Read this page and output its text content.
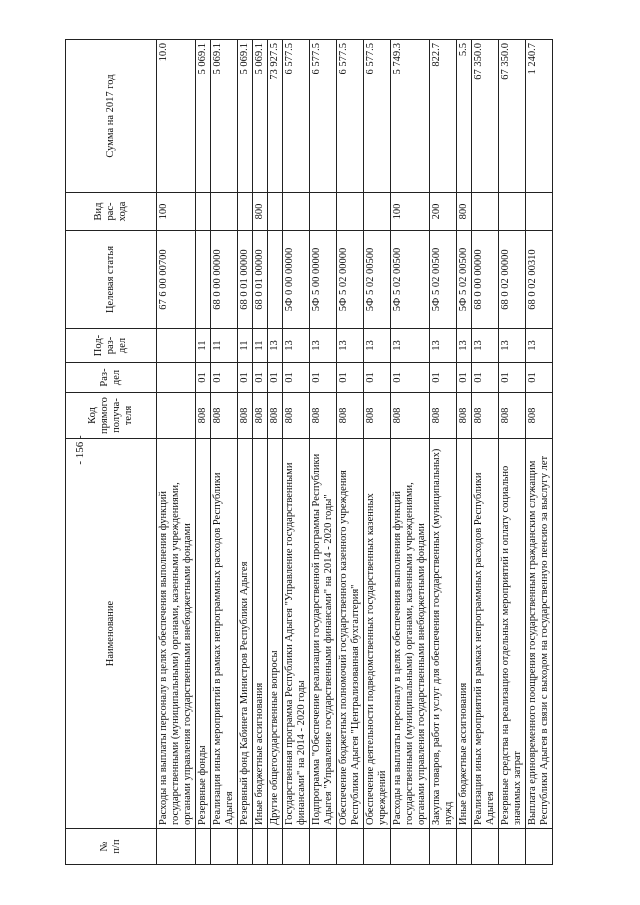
- 156 -
№
п/п	Наименование	Код прямого получа-теля	Раз-дел	Под-раз-дел	Целевая статья	Вид рас-хода	Сумма на 2017 год
	Расходы на выплаты персоналу в целях обеспечения выполнения функций государственными (муниципальными) органами, казенными учреждениями, органами управления государственными внебюджетными фондами				67 6 00 00700	100	10.0
	Резервные фонды	808	01	11			5 069.1
	Реализация иных мероприятий в рамках непрограммных расходов Республики Адыгея	808	01	11	68 0 00 00000		5 069.1
	Резервный фонд Кабинета Министров Республики Адыгея	808	01	11	68 0 01 00000		5 069.1
	Иные бюджетные ассигнования	808	01	11	68 0 01 00000	800	5 069.1
	Другие общегосударственные вопросы	808	01	13			73 927.5
	Государственная программа Республики Адыгея "Управление государственными финансами" на 2014 - 2020 годы	808	01	13	5Ф 0 00 00000		6 577.5
	Подпрограмма "Обеспечение реализации государственной программы Республики Адыгея "Управление государственными финансами" на 2014 - 2020 годы"	808	01	13	5Ф 5 00 00000		6 577.5
	Обеспечение бюджетных полномочий государственного казенного учреждения Республики Адыгея "Централизованная бухгалтерия"	808	01	13	5Ф 5 02 00000		6 577.5
	Обеспечение деятельности подведомственных государственных казенных учреждений	808	01	13	5Ф 5 02 00500		6 577.5
	Расходы на выплаты персоналу в целях обеспечения выполнения функций государственными (муниципальными) органами, казенными учреждениями, органами управления государственными внебюджетными фондами	808	01	13	5Ф 5 02 00500	100	5 749.3
	Закупка товаров, работ и услуг для обеспечения государственных (муниципальных) нужд	808	01	13	5Ф 5 02 00500	200	822.7
	Иные бюджетные ассигнования	808	01	13	5Ф 5 02 00500	800	5.5
	Реализация иных мероприятий в рамках непрограммных расходов Республики Адыгея	808	01	13	68 0 00 00000		67 350.0
	Резервные средства на реализацию отдельных мероприятий и оплату социально значимых затрат	808	01	13	68 0 02 00000		67 350.0
	Выплата единовременного поощрения государственным гражданским служащим Республики Адыгея в связи с выходом на государственную пенсию за выслугу лет	808	01	13	68 0 02 00310		1 240.7
